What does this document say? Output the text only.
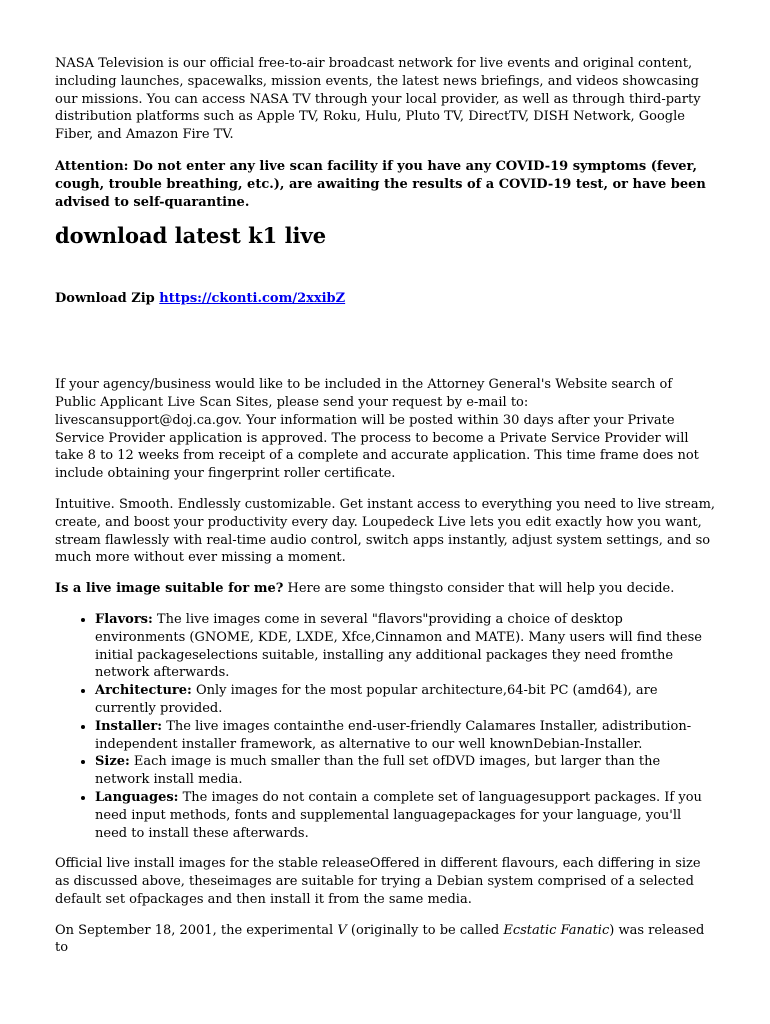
NASA Television is our official free-to-air broadcast network for live events and original content, including launches, spacewalks, mission events, the latest news briefings, and videos showcasing our missions. You can access NASA TV through your local provider, as well as through third-party distribution platforms such as Apple TV, Roku, Hulu, Pluto TV, DirectTV, DISH Network, Google Fiber, and Amazon Fire TV.

Attention: Do not enter any live scan facility if you have any COVID-19 symptoms (fever, cough, trouble breathing, etc.), are awaiting the results of a COVID-19 test, or have been advised to self-quarantine.

download latest k1 live

Download Zip https://ckonti.com/2xxibZ

If your agency/business would like to be included in the Attorney General's Website search of Public Applicant Live Scan Sites, please send your request by e-mail to: livescansupport@doj.ca.gov. Your information will be posted within 30 days after your Private Service Provider application is approved. The process to become a Private Service Provider will take 8 to 12 weeks from receipt of a complete and accurate application. This time frame does not include obtaining your fingerprint roller certificate.

Intuitive. Smooth. Endlessly customizable. Get instant access to everything you need to live stream, create, and boost your productivity every day. Loupedeck Live lets you edit exactly how you want, stream flawlessly with real-time audio control, switch apps instantly, adjust system settings, and so much more without ever missing a moment.

Is a live image suitable for me? Here are some thingsto consider that will help you decide.

• Flavors: The live images come in several "flavors"providing a choice of desktop environments (GNOME, KDE, LXDE, Xfce,Cinnamon and MATE). Many users will find these initial packageselections suitable, installing any additional packages they need fromthe network afterwards.
• Architecture: Only images for the most popular architecture,64-bit PC (amd64), are currently provided.
• Installer: The live images containthe end-user-friendly Calamares Installer, adistribution-independent installer framework, as alternative to our well knownDebian-Installer.
• Size: Each image is much smaller than the full set ofDVD images, but larger than the network install media.
• Languages: The images do not contain a complete set of languagesupport packages. If you need input methods, fonts and supplemental languagepackages for your language, you'll need to install these afterwards.

Official live install images for the stable releaseOffered in different flavours, each differing in size as discussed above, theseimages are suitable for trying a Debian system comprised of a selected default set ofpackages and then install it from the same media.

On September 18, 2001, the experimental V (originally to be called Ecstatic Fanatic) was released to
